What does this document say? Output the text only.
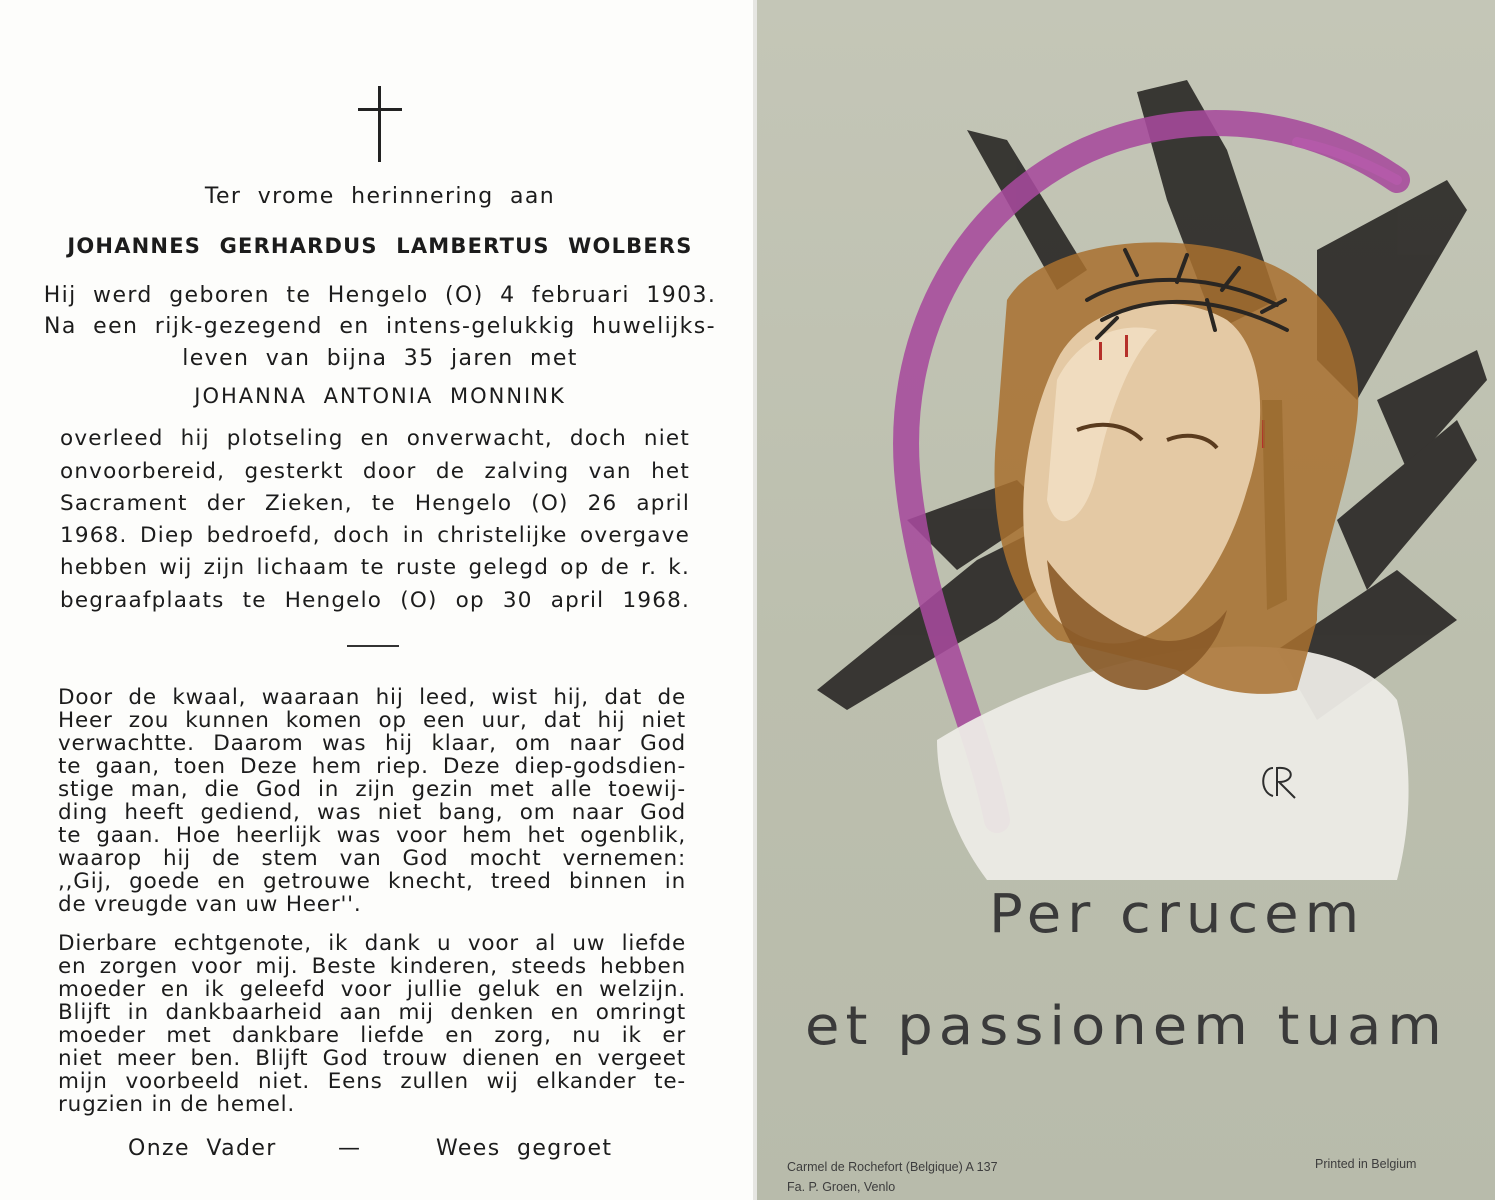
Ter vrome herinnering aan
JOHANNES GERHARDUS LAMBERTUS WOLBERS
Hij werd geboren te Hengelo (O) 4 februari 1903.
Na een rijk-gezegend en intens-gelukkig huwelijks-
leven van bijna 35 jaren met
JOHANNA ANTONIA MONNINK
overleed hij plotseling en onverwacht, doch niet
onvoorbereid, gesterkt door de zalving van het
Sacrament der Zieken, te Hengelo (O) 26 april
1968. Diep bedroefd, doch in christelijke overgave
hebben wij zijn lichaam te ruste gelegd op de r. k.
begraafplaats te Hengelo (O) op 30 april 1968.
Door de kwaal, waaraan hij leed, wist hij, dat de
Heer zou kunnen komen op een uur, dat hij niet
verwachtte. Daarom was hij klaar, om naar God
te gaan, toen Deze hem riep. Deze diep-godsdien-
stige man, die God in zijn gezin met alle toewij-
ding heeft gediend, was niet bang, om naar God
te gaan. Hoe heerlijk was voor hem het ogenblik,
waarop hij de stem van God mocht vernemen:
,,Gij, goede en getrouwe knecht, treed binnen in
de vreugde van uw Heer''.
Dierbare echtgenote, ik dank u voor al uw liefde
en zorgen voor mij. Beste kinderen, steeds hebben
moeder en ik geleefd voor jullie geluk en welzijn.
Blijft in dankbaarheid aan mij denken en omringt
moeder met dankbare liefde en zorg, nu ik er
niet meer ben. Blijft God trouw dienen en vergeet
mijn voorbeeld niet. Eens zullen wij elkander te-
rugzien in de hemel.
Onze Vader	—	Wees gegroet
Per crucem
et passionem tuam
Carmel de Rochefort (Belgique) A 137
Fa. P. Groen, Venlo
Printed in Belgium
